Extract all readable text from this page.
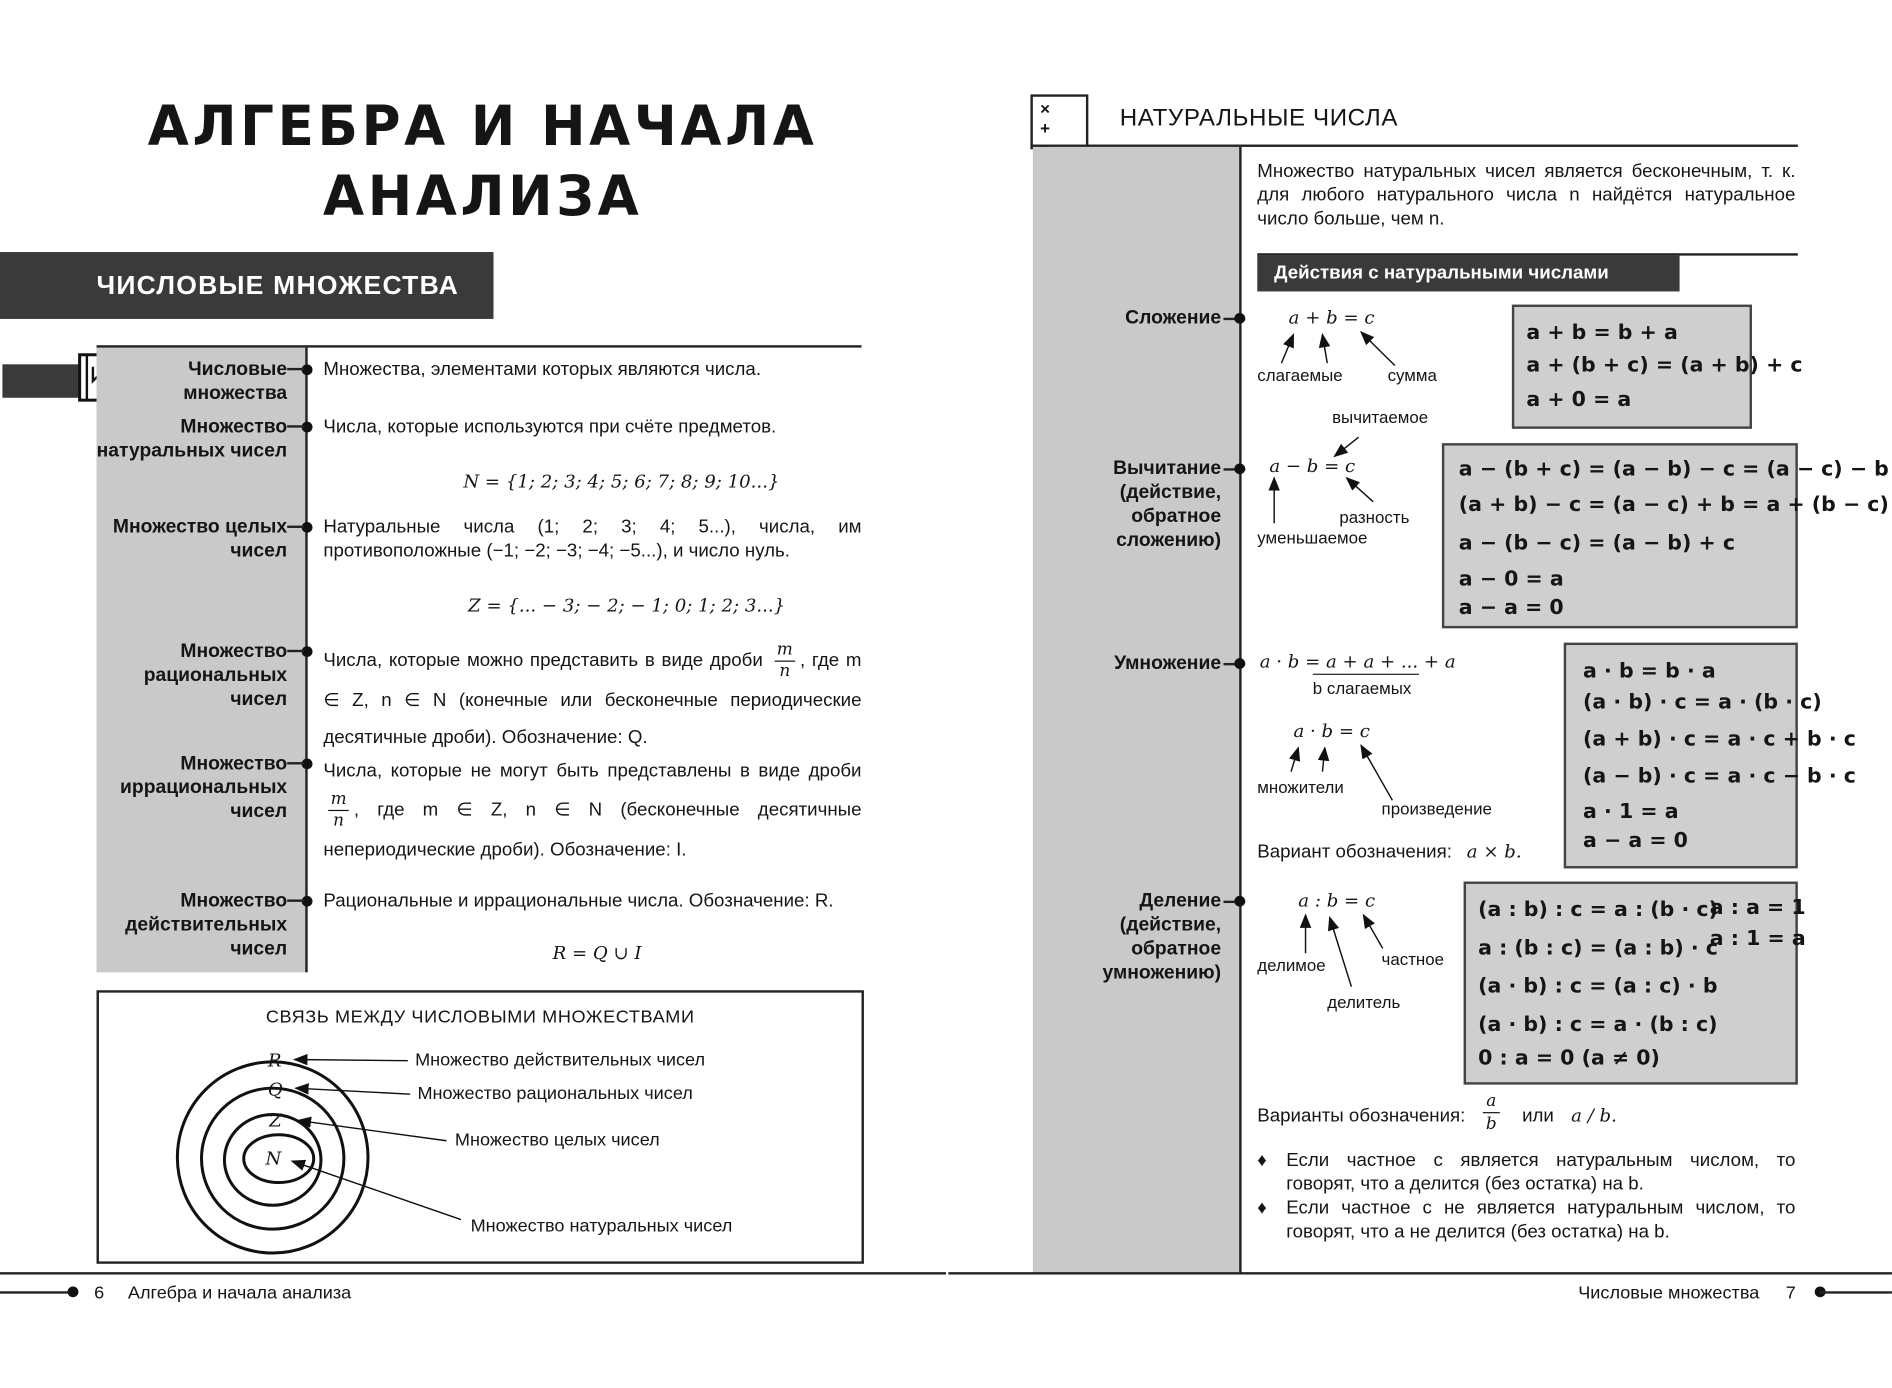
АЛГЕБРА И НАЧАЛА
АНАЛИЗА
ЧИСЛОВЫЕ МНОЖЕСТВА
Числовые множества
Множества, элементами которых являются числа.
Множество натуральных чисел
Числа, которые используются при счёте предметов.
N = {1; 2; 3; 4; 5; 6; 7; 8; 9; 10...}
Множество целых чисел
Натуральные числа (1; 2; 3; 4; 5...), числа, им противоположные (−1; −2; −3; −4; −5...), и число нуль.
Z = {... − 3; − 2; − 1; 0; 1; 2; 3...}
Множество рациональных чисел
Числа, которые можно представить в виде дроби $\frac{m}{n}$ , где m ∈ Z, n ∈ N (конечные или бесконечные периодические десятичные дроби). Обозначение: Q.
Множество иррациональных чисел
Числа, которые не могут быть представлены в виде дроби
$\frac{m}{n}$ , где m ∈ Z, n ∈ N (бесконечные десятичные непериодические дроби). Обозначение: I.
Множество действительных чисел
Рациональные и иррациональные числа. Обозначение: R.
R = Q ∪ I
СВЯЗЬ МЕЖДУ ЧИСЛОВЫМИ МНОЖЕСТВАМИ
R
Q
Z
N
Множество действительных чисел
Множество рациональных чисел
Множество целых чисел
Множество натуральных чисел
6 Алгебра и начала анализа
× +	НАТУРАЛЬНЫЕ ЧИСЛА
Множество натуральных чисел является бесконечным, т. к. для любого натурального числа n найдётся натуральное число больше, чем n.
Действия с натуральными числами
Сложение	a + b = c
слагаемые	сумма
a + b = b + a
a + (b + c) = (a + b) + c
a + 0 = a
вычитаемое
Вычитание (действие, обратное сложению)
a − b = c
разность
уменьшаемое
a − (b + c) = (a − b) − c = (a − c) − b
(a + b) − c = (a − c) + b = a + (b − c)
a − (b − c) = (a − b) + c
a − 0 = a
a − a = 0
Умножение	a · b = a + a + ... + a
b слагаемых
a · b = c
множители
произведение
Вариант обозначения: a × b.
a · b = b · a
(a · b) · c = a · (b · c)
(a + b) · c = a · c + b · c
(a − b) · c = a · c − b · c
a · 1 = a
a − a = 0
Деление (действие, обратное умножению)
a : b = c
делимое	частное
делитель
(a : b) : c = a : (b · c)
a : (b : c) = (a : b) · c
(a · b) : c = (a : c) · b
(a · b) : c = a · (b : c)
0 : a = 0 (a ≠ 0)
a : a = 1
a : 1 = a
Варианты обозначения: $\frac{a}{b}$ или a / b.
♦ Если частное c является натуральным числом, то говорят, что a делится (без остатка) на b.
♦ Если частное c не является натуральным числом, то говорят, что a не делится (без остатка) на b.
Числовые множества 7
